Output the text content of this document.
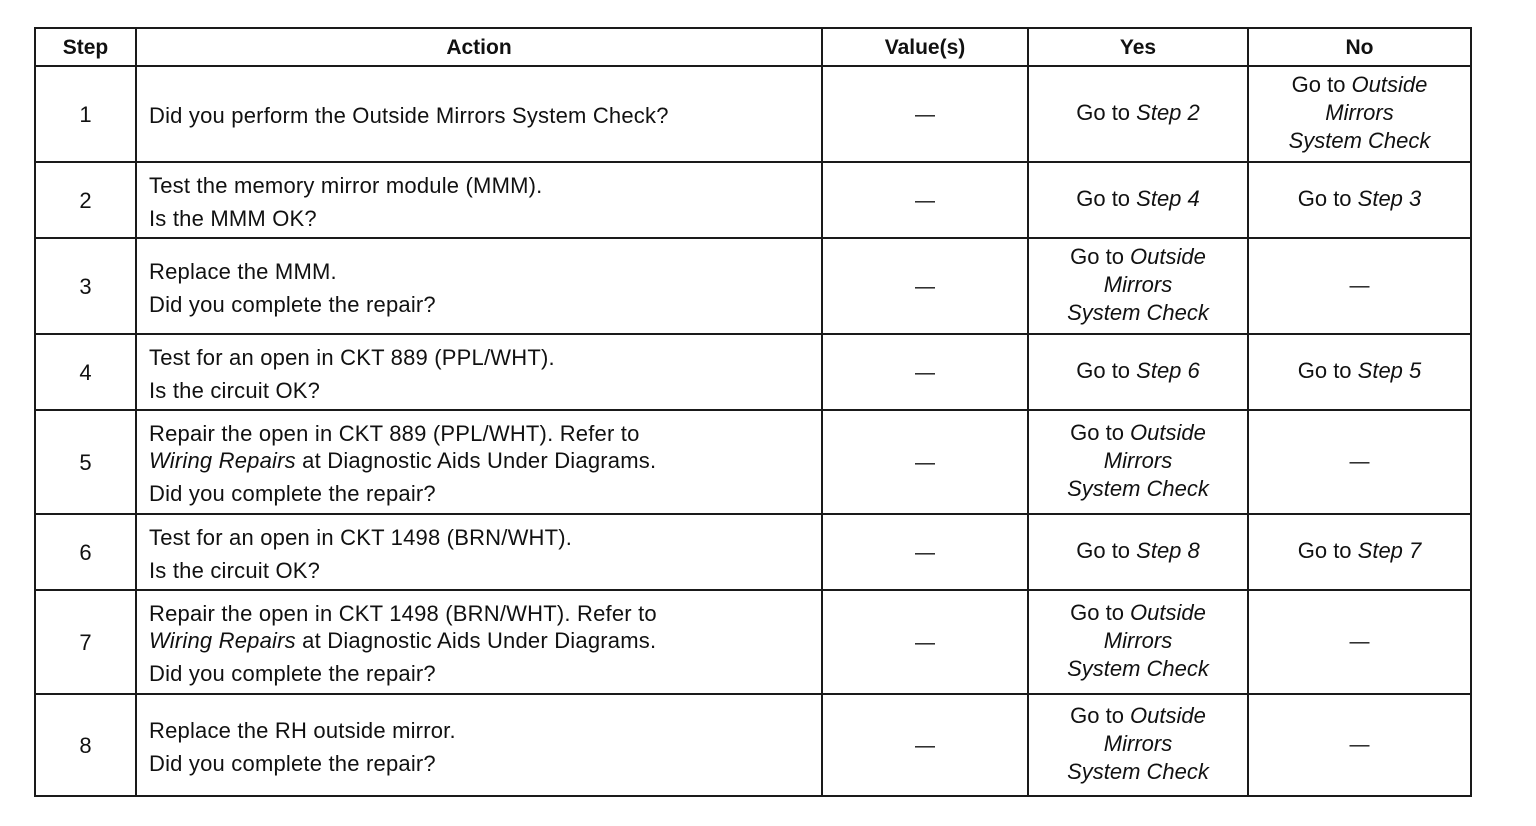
Step	Action	Value(s)	Yes	No
1	Did you perform the Outside Mirrors System Check?	—	Go to Step 2	Go to Outside
Mirrors
System Check

2	Test the memory mirror module (MMM).
Is the MMM OK?	—	Go to Step 4	Go to Step 3

3	Replace the MMM.
Did you complete the repair?	—	Go to Outside
Mirrors
System Check	—

4	Test for an open in CKT 889 (PPL/WHT).
Is the circuit OK?	—	Go to Step 6	Go to Step 5

5	Repair the open in CKT 889 (PPL/WHT). Refer to
Wiring Repairs at Diagnostic Aids Under Diagrams.
Did you complete the repair?	—	Go to Outside
Mirrors
System Check	—

6	Test for an open in CKT 1498 (BRN/WHT).
Is the circuit OK?	—	Go to Step 8	Go to Step 7

7	Repair the open in CKT 1498 (BRN/WHT). Refer to
Wiring Repairs at Diagnostic Aids Under Diagrams.
Did you complete the repair?	—	Go to Outside
Mirrors
System Check	—

8	Replace the RH outside mirror.
Did you complete the repair?	—	Go to Outside
Mirrors
System Check	—
